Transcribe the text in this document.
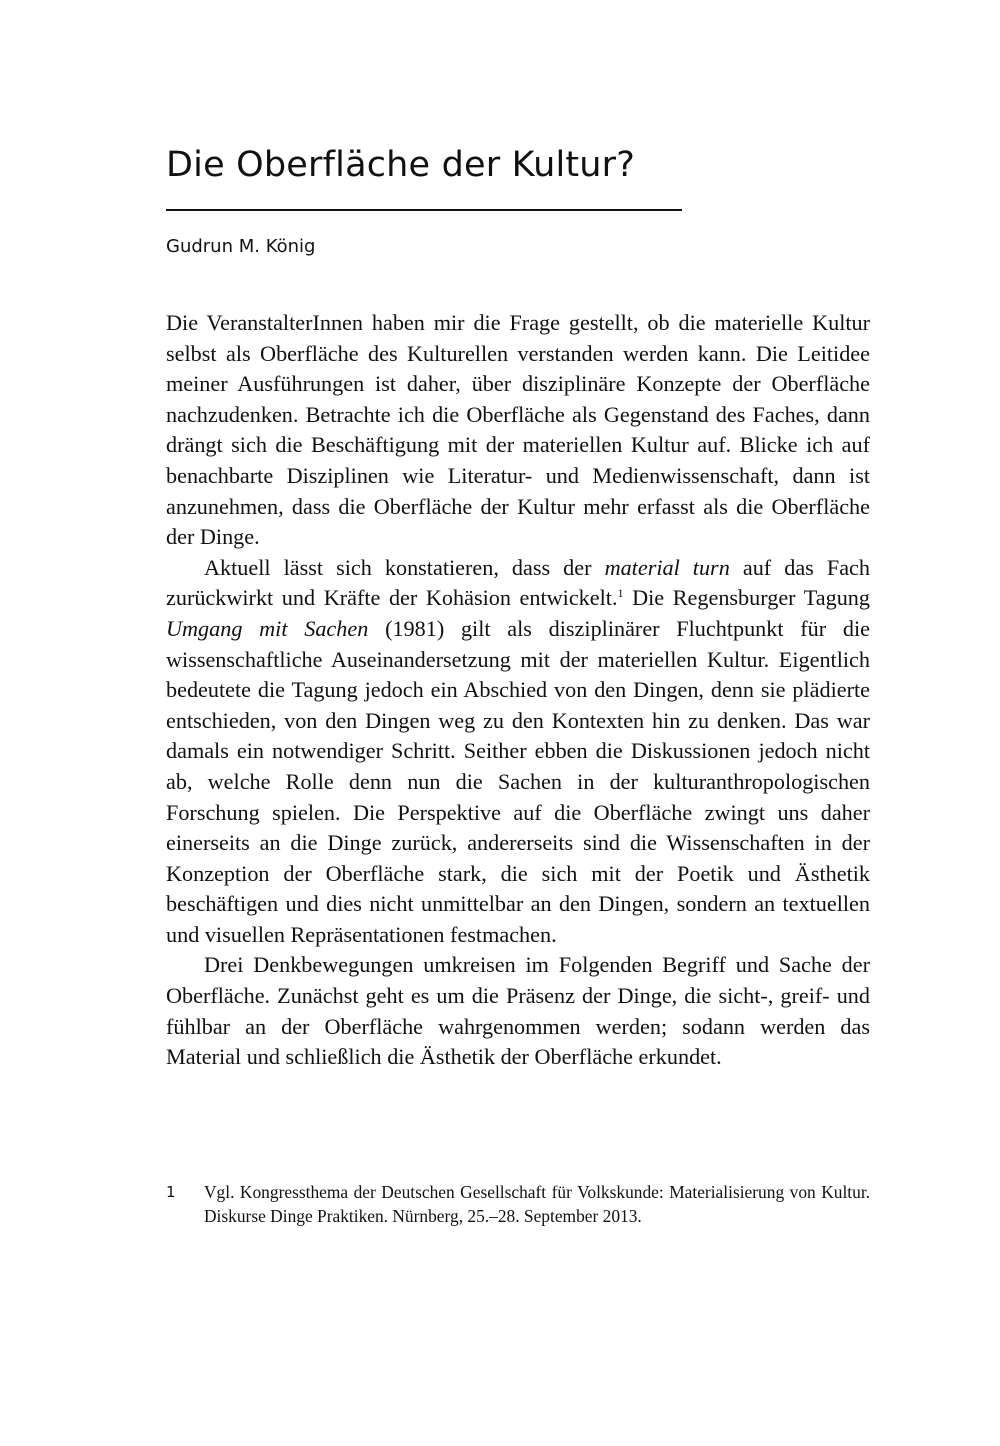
Die Oberfläche der Kultur?
Gudrun M. König

Die VeranstalterInnen haben mir die Frage gestellt, ob die materielle Kultur selbst als Oberfläche des Kulturellen verstanden werden kann. Die Leitidee meiner Ausführungen ist daher, über disziplinäre Konzepte der Oberfläche nachzudenken. Betrachte ich die Oberfläche als Gegenstand des Faches, dann drängt sich die Beschäftigung mit der materiellen Kultur auf. Blicke ich auf benachbarte Disziplinen wie Literatur- und Medienwissenschaft, dann ist anzunehmen, dass die Oberfläche der Kultur mehr erfasst als die Oberfläche der Dinge.

Aktuell lässt sich konstatieren, dass der material turn auf das Fach zurückwirkt und Kräfte der Kohäsion entwickelt.$^1$ Die Regensburger Tagung Umgang mit Sachen (1981) gilt als disziplinärer Fluchtpunkt für die wissenschaftliche Auseinandersetzung mit der materiellen Kultur. Eigentlich bedeutete die Tagung jedoch ein Abschied von den Dingen, denn sie plädierte entschieden, von den Dingen weg zu den Kontexten hin zu denken. Das war damals ein notwendiger Schritt. Seither ebben die Diskussionen jedoch nicht ab, welche Rolle denn nun die Sachen in der kulturanthropologischen Forschung spielen. Die Perspektive auf die Oberfläche zwingt uns daher einerseits an die Dinge zurück, andererseits sind die Wissenschaften in der Konzeption der Oberfläche stark, die sich mit der Poetik und Ästhetik beschäftigen und dies nicht unmittelbar an den Dingen, sondern an textuellen und visuellen Repräsentationen festmachen.

Drei Denkbewegungen umkreisen im Folgenden Begriff und Sache der Oberfläche. Zunächst geht es um die Präsenz der Dinge, die sicht-, greif- und fühlbar an der Oberfläche wahrgenommen werden; sodann werden das Material und schließlich die Ästhetik der Oberfläche erkundet.

1	Vgl. Kongressthema der Deutschen Gesellschaft für Volkskunde: Materialisierung von Kultur. Diskurse Dinge Praktiken. Nürnberg, 25.–28. September 2013.
